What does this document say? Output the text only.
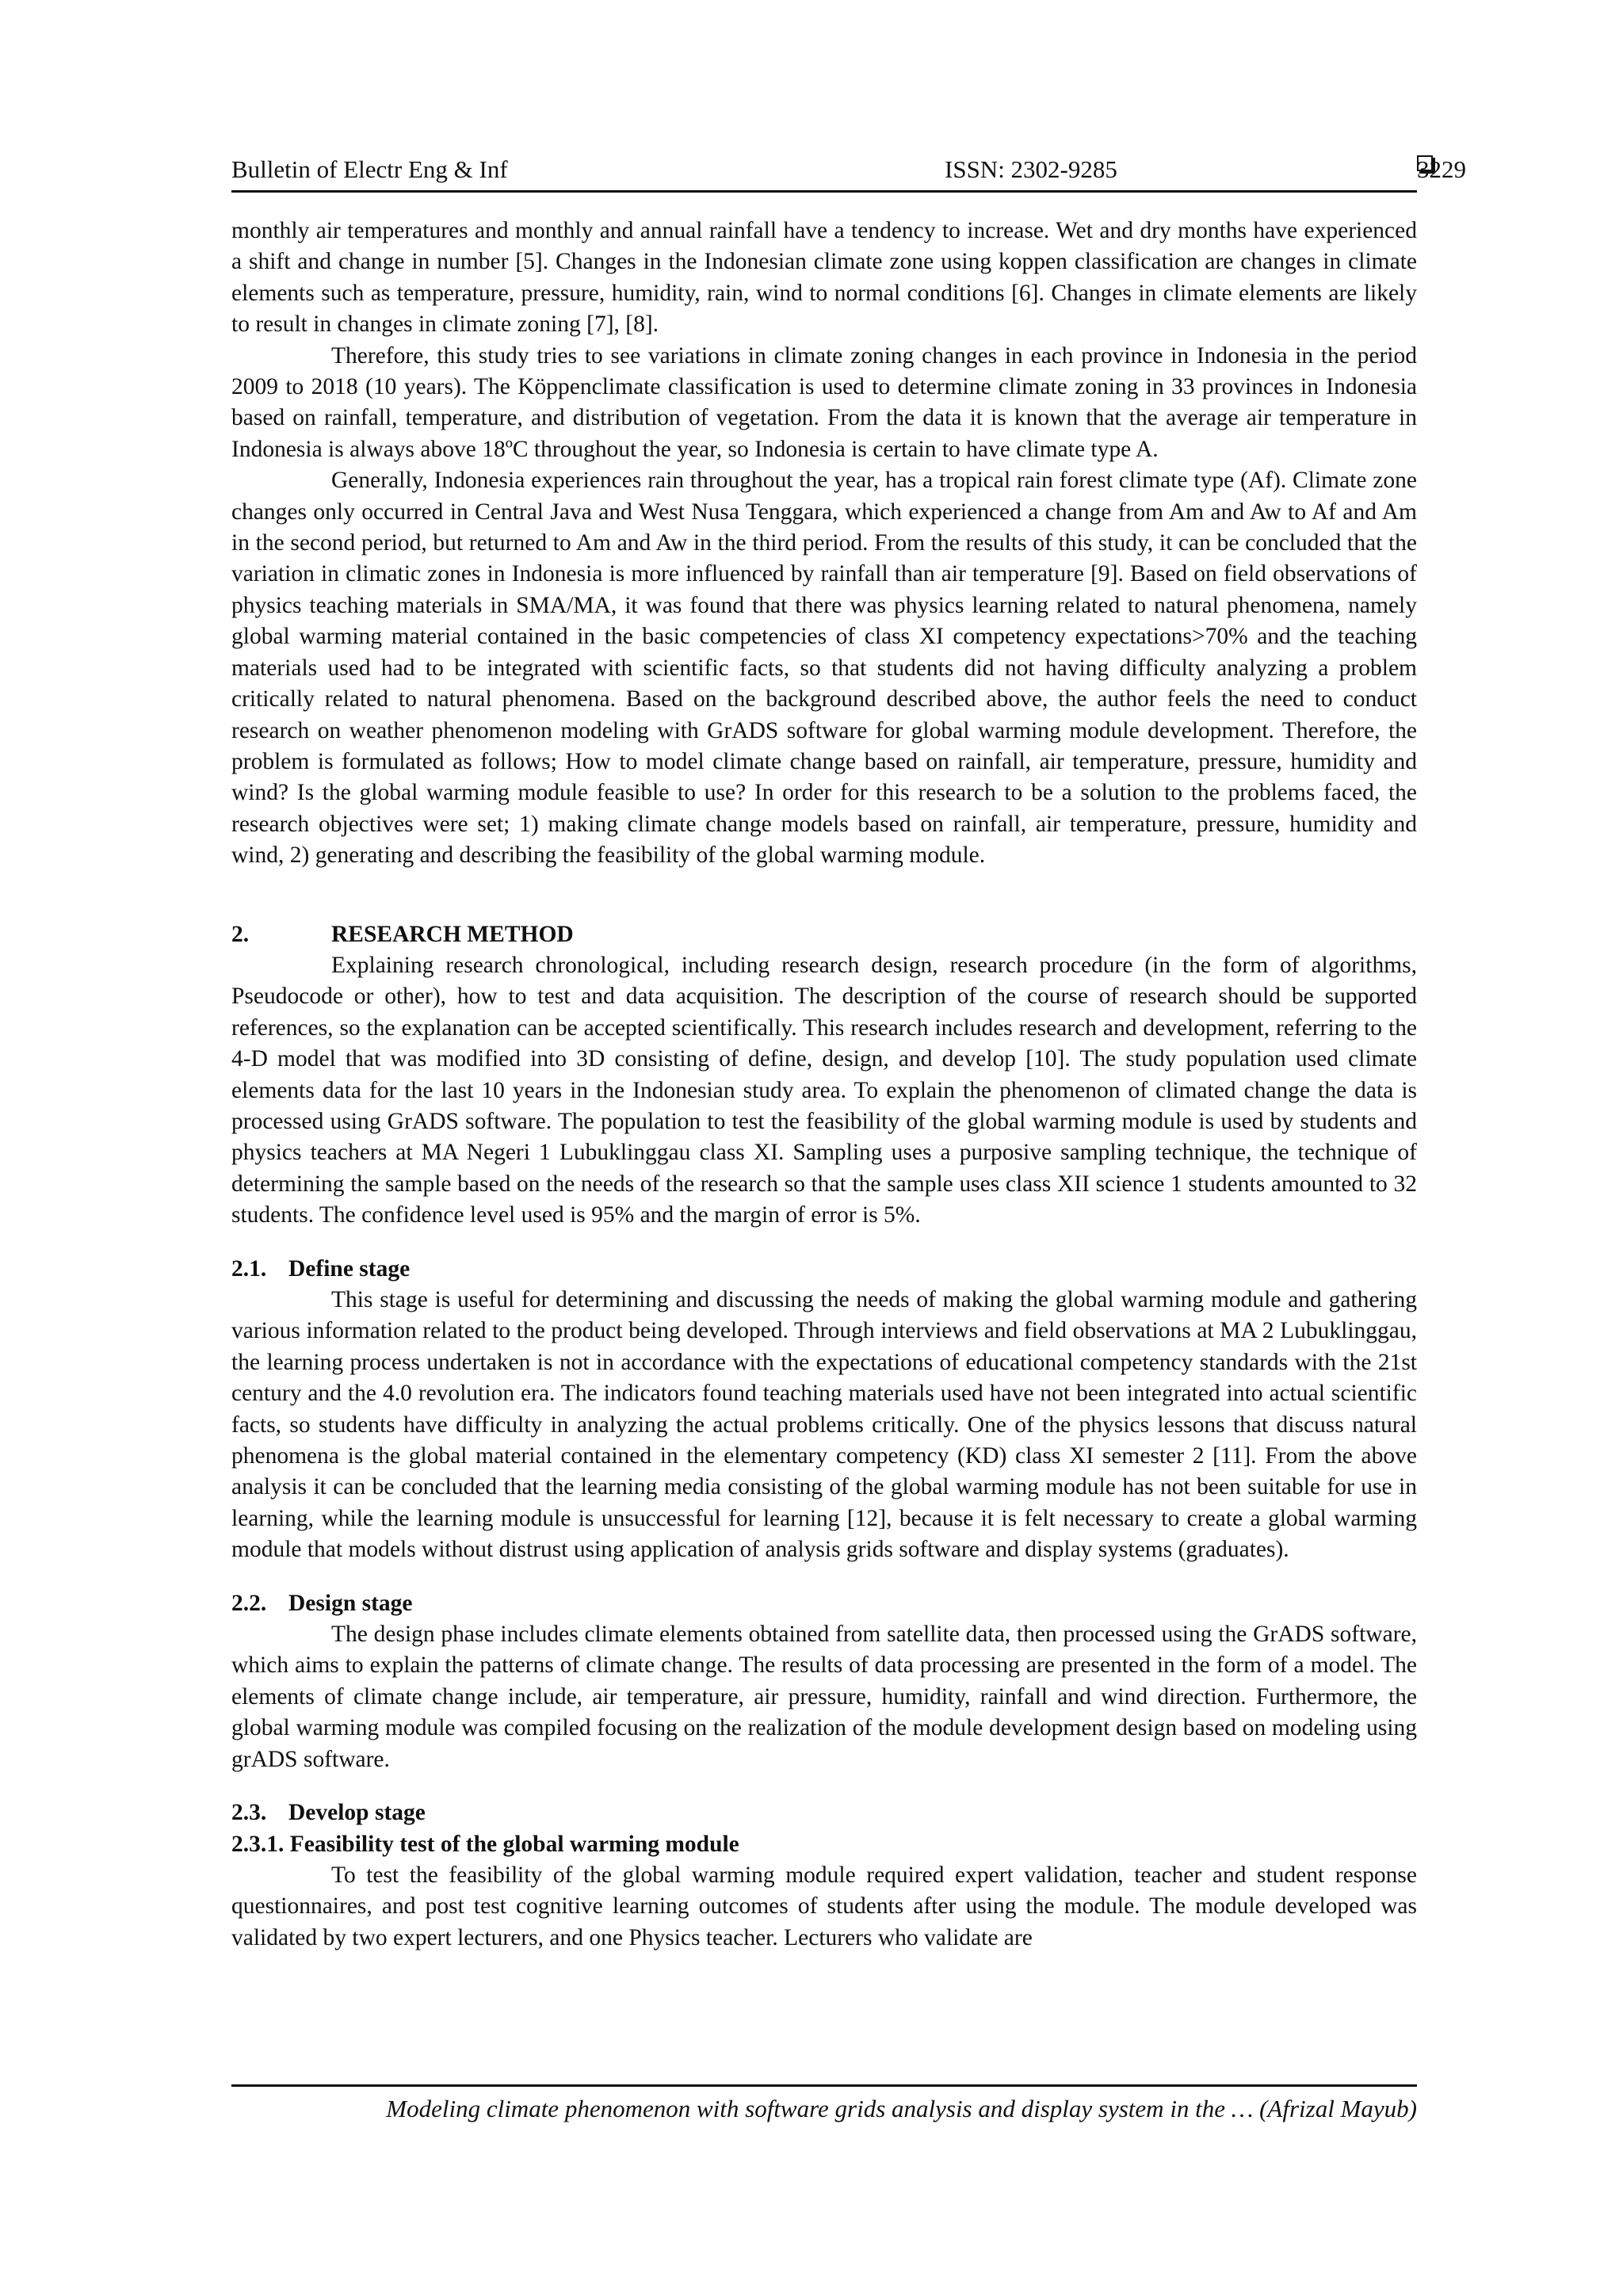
Bulletin of Electr Eng & Inf	ISSN: 2302-9285	3229

monthly air temperatures and monthly and annual rainfall have a tendency to increase. Wet and dry months have experienced a shift and change in number [5]. Changes in the Indonesian climate zone using koppen classification are changes in climate elements such as temperature, pressure, humidity, rain, wind to normal conditions [6]. Changes in climate elements are likely to result in changes in climate zoning [7], [8].

Therefore, this study tries to see variations in climate zoning changes in each province in Indonesia in the period 2009 to 2018 (10 years). The Köppenclimate classification is used to determine climate zoning in 33 provinces in Indonesia based on rainfall, temperature, and distribution of vegetation. From the data it is known that the average air temperature in Indonesia is always above 18ºC throughout the year, so Indonesia is certain to have climate type A.

Generally, Indonesia experiences rain throughout the year, has a tropical rain forest climate type (Af). Climate zone changes only occurred in Central Java and West Nusa Tenggara, which experienced a change from Am and Aw to Af and Am in the second period, but returned to Am and Aw in the third period. From the results of this study, it can be concluded that the variation in climatic zones in Indonesia is more influenced by rainfall than air temperature [9]. Based on field observations of physics teaching materials in SMA/MA, it was found that there was physics learning related to natural phenomena, namely global warming material contained in the basic competencies of class XI competency expectations>70% and the teaching materials used had to be integrated with scientific facts, so that students did not having difficulty analyzing a problem critically related to natural phenomena. Based on the background described above, the author feels the need to conduct research on weather phenomenon modeling with GrADS software for global warming module development. Therefore, the problem is formulated as follows; How to model climate change based on rainfall, air temperature, pressure, humidity and wind? Is the global warming module feasible to use? In order for this research to be a solution to the problems faced, the research objectives were set; 1) making climate change models based on rainfall, air temperature, pressure, humidity and wind, 2) generating and describing the feasibility of the global warming module.

2.	RESEARCH METHOD

Explaining research chronological, including research design, research procedure (in the form of algorithms, Pseudocode or other), how to test and data acquisition. The description of the course of research should be supported references, so the explanation can be accepted scientifically. This research includes research and development, referring to the 4-D model that was modified into 3D consisting of define, design, and develop [10]. The study population used climate elements data for the last 10 years in the Indonesian study area. To explain the phenomenon of climated change the data is processed using GrADS software. The population to test the feasibility of the global warming module is used by students and physics teachers at MA Negeri 1 Lubuklinggau class XI. Sampling uses a purposive sampling technique, the technique of determining the sample based on the needs of the research so that the sample uses class XII science 1 students amounted to 32 students. The confidence level used is 95% and the margin of error is 5%.

2.1. Define stage

This stage is useful for determining and discussing the needs of making the global warming module and gathering various information related to the product being developed. Through interviews and field observations at MA 2 Lubuklinggau, the learning process undertaken is not in accordance with the expectations of educational competency standards with the 21st century and the 4.0 revolution era. The indicators found teaching materials used have not been integrated into actual scientific facts, so students have difficulty in analyzing the actual problems critically. One of the physics lessons that discuss natural phenomena is the global material contained in the elementary competency (KD) class XI semester 2 [11]. From the above analysis it can be concluded that the learning media consisting of the global warming module has not been suitable for use in learning, while the learning module is unsuccessful for learning [12], because it is felt necessary to create a global warming module that models without distrust using application of analysis grids software and display systems (graduates).

2.2. Design stage

The design phase includes climate elements obtained from satellite data, then processed using the GrADS software, which aims to explain the patterns of climate change. The results of data processing are presented in the form of a model. The elements of climate change include, air temperature, air pressure, humidity, rainfall and wind direction. Furthermore, the global warming module was compiled focusing on the realization of the module development design based on modeling using grADS software.

2.3. Develop stage
2.3.1. Feasibility test of the global warming module

To test the feasibility of the global warming module required expert validation, teacher and student response questionnaires, and post test cognitive learning outcomes of students after using the module. The module developed was validated by two expert lecturers, and one Physics teacher. Lecturers who validate are

Modeling climate phenomenon with software grids analysis and display system in the … (Afrizal Mayub)
